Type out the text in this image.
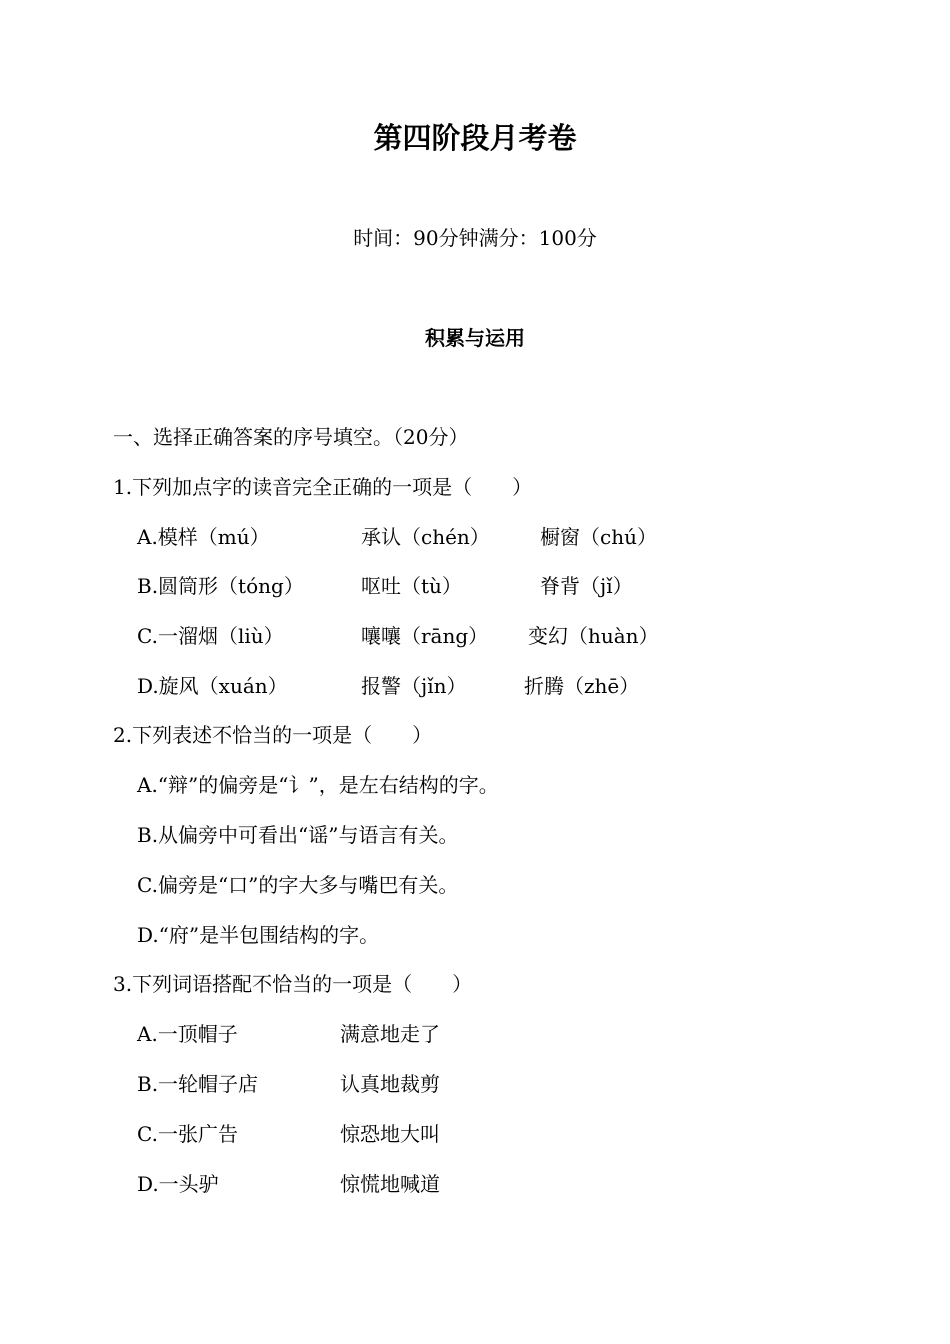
第四阶段月考卷
时间：90分钟满分：100分
积累与运用
一、选择正确答案的序号填空。（20分）
1.下列加点字的读音完全正确的一项是（　　）
A.模样（mú）	承认（chén）	橱窗（chú）
B.圆筒形（tóng）	呕吐（tù）	脊背（jǐ）
C.一溜烟（liù）	嚷嚷（rāng） 变幻（huàn）
D.旋风（xuán）	报警（jǐn）	折腾（zhē）
2.下列表述不恰当的一项是（　　）
A.“辩”的偏旁是“讠”，是左右结构的字。
B.从偏旁中可看出“谣”与语言有关。
C.偏旁是“口”的字大多与嘴巴有关。
D.“府”是半包围结构的字。
3.下列词语搭配不恰当的一项是（　　）
A.一顶帽子	满意地走了
B.一轮帽子店	认真地裁剪
C.一张广告	惊恐地大叫
D.一头驴	惊慌地喊道
